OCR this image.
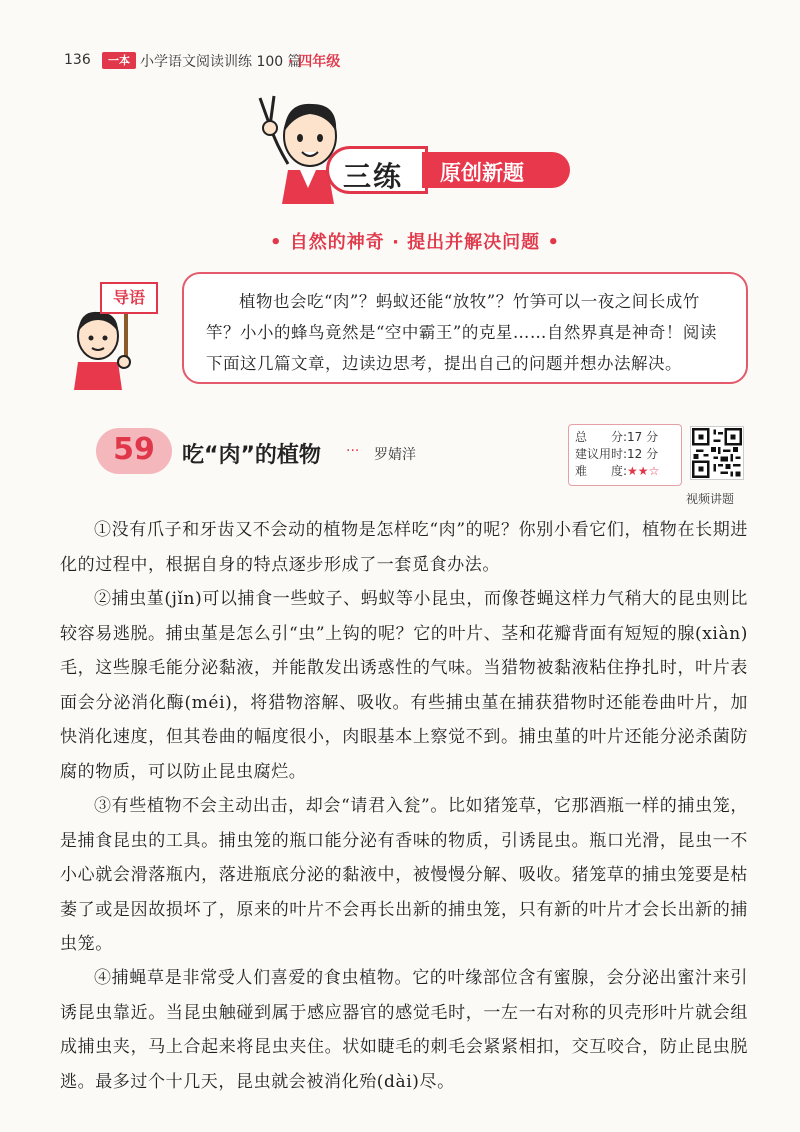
136	一本 小学语文阅读训练 100 篇
· 四年级
三练 原创新题
• 自然的神奇 · 提出并解决问题 •
导语	植物也会吃“肉”？蚂蚁还能“放牧”？竹笋可以一夜之间长成竹竿？小小的蜂鸟竟然是“空中霸王”的克星……自然界真是神奇！阅读下面这几篇文章，边读边思考，提出自己的问题并想办法解决。
59	吃“肉”的植物 ··· 罗婧洋
总　　分:17 分
建议用时:12 分
难　　度:★★☆
视频讲题
①没有爪子和牙齿又不会动的植物是怎样吃“肉”的呢？你别小看它们，植物在长期进化的过程中，根据自身的特点逐步形成了一套觅食办法。
②捕虫堇(jǐn)可以捕食一些蚊子、蚂蚁等小昆虫，而像苍蝇这样力气稍大的昆虫则比较容易逃脱。捕虫堇是怎么引“虫”上钩的呢？它的叶片、茎和花瓣背面有短短的腺(xiàn)毛，这些腺毛能分泌黏液，并能散发出诱惑性的气味。当猎物被黏液粘住挣扎时，叶片表面会分泌消化酶(méi)，将猎物溶解、吸收。有些捕虫堇在捕获猎物时还能卷曲叶片，加快消化速度，但其卷曲的幅度很小，肉眼基本上察觉不到。捕虫堇的叶片还能分泌杀菌防腐的物质，可以防止昆虫腐烂。
③有些植物不会主动出击，却会“请君入瓮”。比如猪笼草，它那酒瓶一样的捕虫笼，是捕食昆虫的工具。捕虫笼的瓶口能分泌有香味的物质，引诱昆虫。瓶口光滑，昆虫一不小心就会滑落瓶内，落进瓶底分泌的黏液中，被慢慢分解、吸收。猪笼草的捕虫笼要是枯萎了或是因故损坏了，原来的叶片不会再长出新的捕虫笼，只有新的叶片才会长出新的捕虫笼。
④捕蝇草是非常受人们喜爱的食虫植物。它的叶缘部位含有蜜腺，会分泌出蜜汁来引诱昆虫靠近。当昆虫触碰到属于感应器官的感觉毛时，一左一右对称的贝壳形叶片就会组成捕虫夹，马上合起来将昆虫夹住。状如睫毛的刺毛会紧紧相扣，交互咬合，防止昆虫脱逃。最多过个十几天，昆虫就会被消化殆(dài)尽。
